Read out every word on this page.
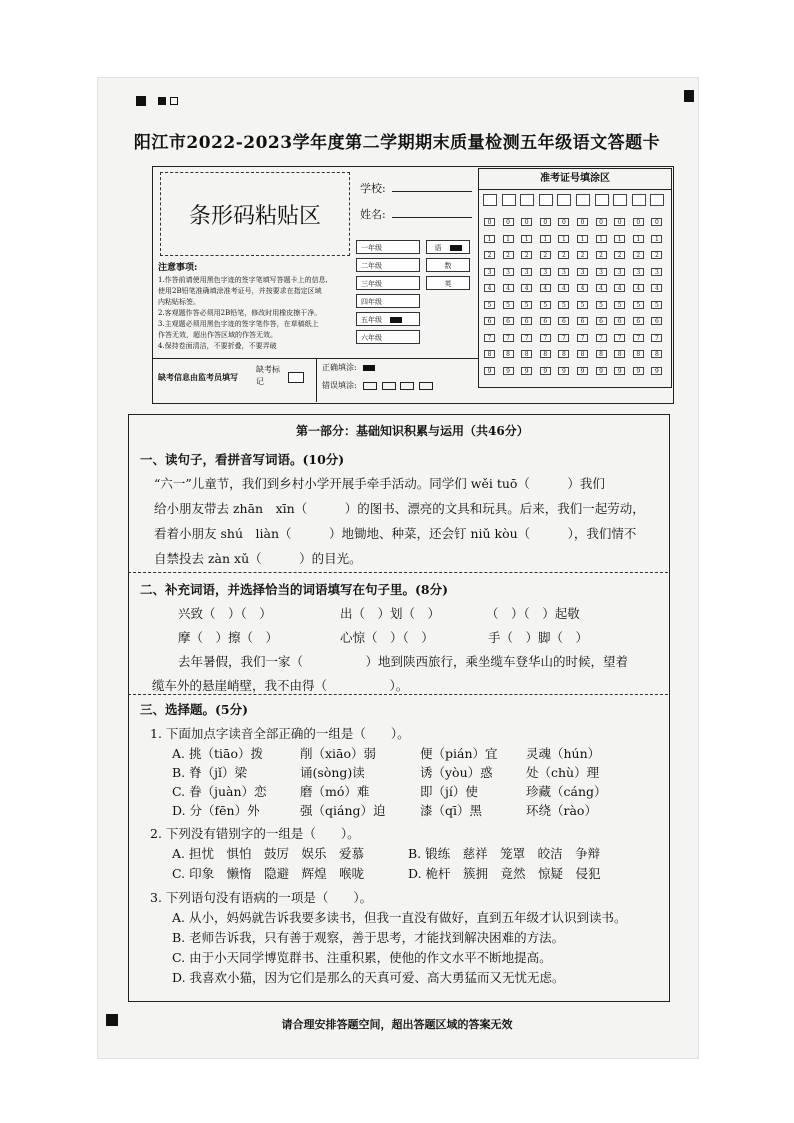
阳江市2022-2023学年度第二学期期末质量检测五年级语文答题卡
条形码粘贴区
学校:
姓名:
注意事项:
1.作答前请使用黑色字迹的签字笔填写答题卡上的信息,
使用2B铅笔准确填涂准考证号，并按要求在指定区域
内粘贴标签。
2.客观题作答必须用2B铅笔，修改时用橡皮擦干净。
3.主观题必须用黑色字迹的签字笔作答，在草稿纸上
作答无效，超出作答区域的作答无效。
4.保持卷面清洁，不要折叠，不要弄破
缺考信息由监考员填写
缺考标记
正确填涂:
错误填涂:
准考证号填涂区
第一部分：基础知识积累与运用（共46分）
一、读句子，看拼音写词语。(10分)
“六一”儿童节，我们到乡村小学开展手牵手活动。同学们 wěi tuō（　　　）我们
给小朋友带去 zhān　xīn（　　　）的图书、漂亮的文具和玩具。后来，我们一起劳动，
看着小朋友 shú　liàn（　　　）地锄地、种菜，还会钉 niǔ kòu（　　　），我们情不
自禁投去 zàn xǔ（　　　）的目光。
二、补充词语，并选择恰当的词语填写在句子里。(8分)
兴致（　）（　）	出（　）划（　）	（　）（　）起敬
摩（　）擦（　）	心惊（　）（　）	手（　）脚（　）
去年暑假，我们一家（　　　　　）地到陕西旅行，乘坐缆车登华山的时候，望着
缆车外的悬崖峭壁，我不由得（　　　　　）。
三、选择题。(5分)
1. 下面加点字读音全部正确的一组是（　　）。
2. 下列没有错别字的一组是（　　）。
A. 担忧　惧怕　鼓厉　娱乐　爱慕	B. 锻练　慈祥　笼罩　皎洁　争辩
C. 印象　懒惰　隐避　辉煌　喉咙	D. 桅杆　簇拥　竟然　惊疑　侵犯
3. 下列语句没有语病的一项是（　　）。
A. 从小，妈妈就告诉我要多读书，但我一直没有做好，直到五年级才认识到读书。
B. 老师告诉我，只有善于观察，善于思考，才能找到解决困难的方法。
C. 由于小天同学博览群书、注重积累，使他的作文水平不断地提高。
D. 我喜欢小猫，因为它们是那么的天真可爱、高大勇猛而又无忧无虑。
请合理安排答题空间，超出答题区域的答案无效
一年级
二年级
三年级
四年级
五年级
六年级
语
数
英
0
1
2
3
4
5
6
7
8
9
0
1
2
3
4
5
6
7
8
9
0
1
2
3
4
5
6
7
8
9
0
1
2
3
4
5
6
7
8
9
0
1
2
3
4
5
6
7
8
9
0
1
2
3
4
5
6
7
8
9
0
1
2
3
4
5
6
7
8
9
0
1
2
3
4
5
6
7
8
9
0
1
2
3
4
5
6
7
8
9
0
1
2
3
4
5
6
7
8
9
A. 挑（tiāo）拨	削（xiāo）弱	便（pián）宜 灵魂（hún）
B. 脊（jǐ）梁	诵(sòng)读	诱（yòu）惑	处（chù）理
C. 眷（juàn）恋	磨（mó）难	即（jí）使	珍藏（cáng）
D. 分（fēn）外	强（qiáng）迫	漆（qī）黑	环绕（rào）
